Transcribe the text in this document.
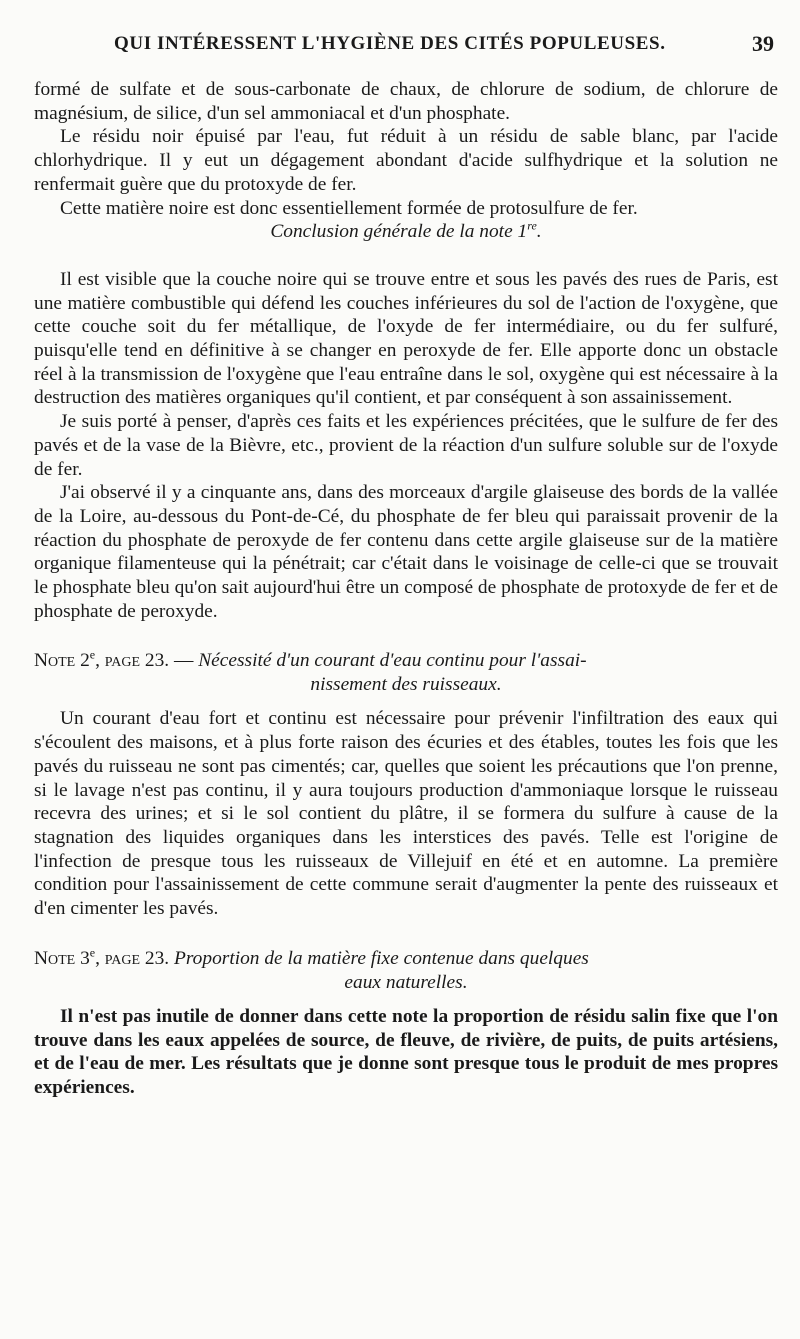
QUI INTÉRESSENT L'HYGIÈNE DES CITÉS POPULEUSES.	39

formé de sulfate et de sous-carbonate de chaux, de chlorure de sodium, de chlorure de magnésium, de silice, d'un sel ammoniacal et d'un phosphate.

Le résidu noir épuisé par l'eau, fut réduit à un résidu de sable blanc, par l'acide chlorhydrique. Il y eut un dégagement abondant d'acide sulfhydrique et la solution ne renfermait guère que du protoxyde de fer.

Cette matière noire est donc essentiellement formée de protosulfure de fer.

Conclusion générale de la note 1re.

Il est visible que la couche noire qui se trouve entre et sous les pavés des rues de Paris, est une matière combustible qui défend les couches inférieures du sol de l'action de l'oxygène, que cette couche soit du fer métallique, de l'oxyde de fer intermédiaire, ou du fer sulfuré, puisqu'elle tend en définitive à se changer en peroxyde de fer. Elle apporte donc un obstacle réel à la transmission de l'oxygène que l'eau entraîne dans le sol, oxygène qui est nécessaire à la destruction des matières organiques qu'il contient, et par conséquent à son assainissement.

Je suis porté à penser, d'après ces faits et les expériences précitées, que le sulfure de fer des pavés et de la vase de la Bièvre, etc., provient de la réaction d'un sulfure soluble sur de l'oxyde de fer.

J'ai observé il y a cinquante ans, dans des morceaux d'argile glaiseuse des bords de la vallée de la Loire, au-dessous du Pont-de-Cé, du phosphate de fer bleu qui paraissait provenir de la réaction du phosphate de peroxyde de fer contenu dans cette argile glaiseuse sur de la matière organique filamenteuse qui la pénétrait; car c'était dans le voisinage de celle-ci que se trouvait le phosphate bleu qu'on sait aujourd'hui être un composé de phosphate de protoxyde de fer et de phosphate de peroxyde.

Note 2e, page 23. — Nécessité d'un courant d'eau continu pour l'assai-
nissement des ruisseaux.

Un courant d'eau fort et continu est nécessaire pour prévenir l'infiltration des eaux qui s'écoulent des maisons, et à plus forte raison des écuries et des étables, toutes les fois que les pavés du ruisseau ne sont pas cimentés; car, quelles que soient les précautions que l'on prenne, si le lavage n'est pas continu, il y aura toujours production d'ammoniaque lorsque le ruisseau recevra des urines; et si le sol contient du plâtre, il se formera du sulfure à cause de la stagnation des liquides organiques dans les interstices des pavés. Telle est l'origine de l'infection de presque tous les ruisseaux de Villejuif en été et en automne. La première condition pour l'assainissement de cette commune serait d'augmenter la pente des ruisseaux et d'en cimenter les pavés.

Note 3e, page 23. Proportion de la matière fixe contenue dans quelques
eaux naturelles.

Il n'est pas inutile de donner dans cette note la proportion de résidu salin fixe que l'on trouve dans les eaux appelées de source, de fleuve, de rivière, de puits, de puits artésiens, et de l'eau de mer. Les résultats que je donne sont presque tous le produit de mes propres expériences.
